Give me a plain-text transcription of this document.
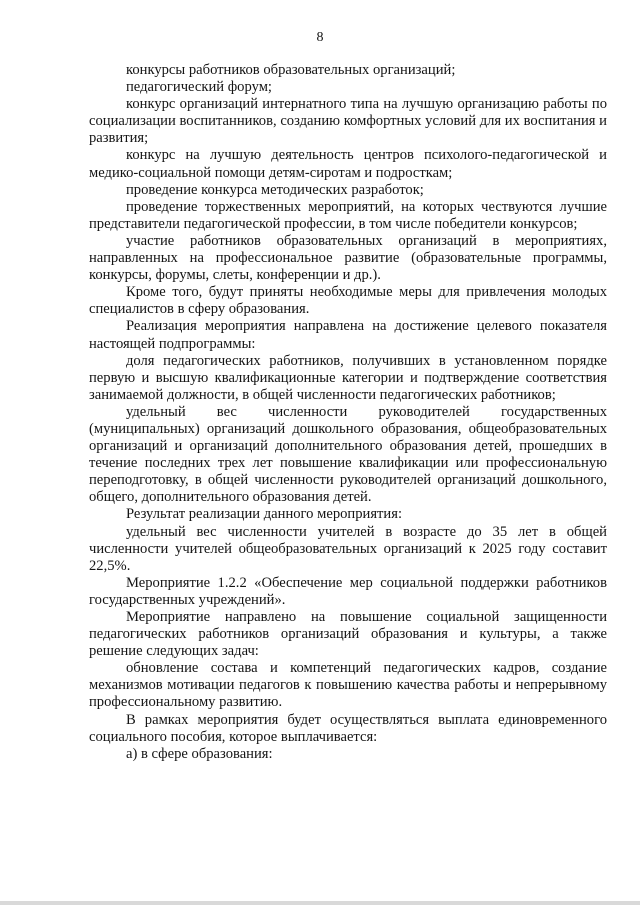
8

конкурсы работников образовательных организаций;

педагогический форум;

конкурс организаций интернатного типа на лучшую организацию работы по социализации воспитанников, созданию комфортных условий для их воспитания и развития;

конкурс на лучшую деятельность центров психолого-педагогической и медико-социальной помощи детям-сиротам и подросткам;

проведение конкурса методических разработок;

проведение торжественных мероприятий, на которых чествуются лучшие представители педагогической профессии, в том числе победители конкурсов;

участие работников образовательных организаций в мероприятиях, направленных на профессиональное развитие (образовательные программы, конкурсы, форумы, слеты, конференции и др.).

Кроме того, будут приняты необходимые меры для привлечения молодых специалистов в сферу образования.

Реализация мероприятия направлена на достижение целевого показателя настоящей подпрограммы:

доля педагогических работников, получивших в установленном порядке первую и высшую квалификационные категории и подтверждение соответствия занимаемой должности, в общей численности педагогических работников;

удельный вес численности руководителей государственных (муниципальных) организаций дошкольного образования, общеобразовательных организаций и организаций дополнительного образования детей, прошедших в течение последних трех лет повышение квалификации или профессиональную переподготовку, в общей численности руководителей организаций дошкольного, общего, дополнительного образования детей.

Результат реализации данного мероприятия:

удельный вес численности учителей в возрасте до 35 лет в общей численности учителей общеобразовательных организаций к 2025 году составит 22,5%.

Мероприятие 1.2.2 «Обеспечение мер социальной поддержки работников государственных учреждений».

Мероприятие направлено на повышение социальной защищенности педагогических работников организаций образования и культуры, а также решение следующих задач:

обновление состава и компетенций педагогических кадров, создание механизмов мотивации педагогов к повышению качества работы и непрерывному профессиональному развитию.

В рамках мероприятия будет осуществляться выплата единовременного социального пособия, которое выплачивается:

а) в сфере образования:
